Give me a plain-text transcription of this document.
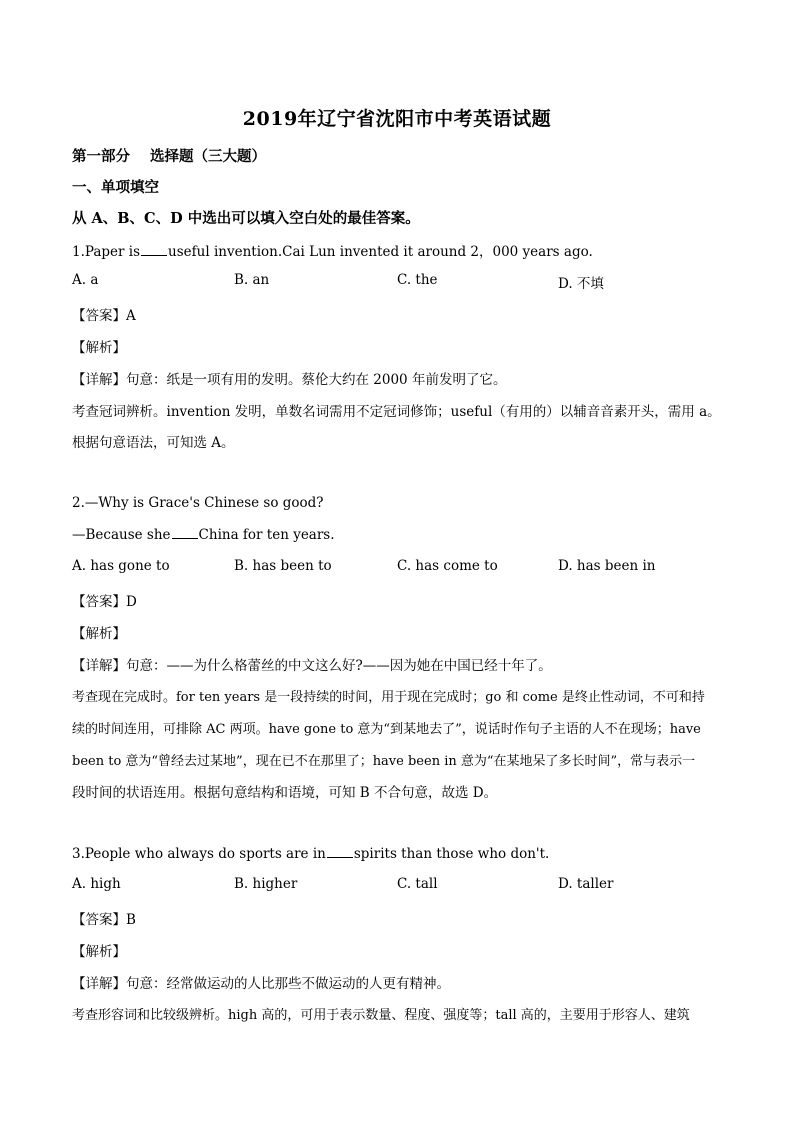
2019年辽宁省沈阳市中考英语试题
第一部分 选择题（三大题）
一、单项填空
从 A、B、C、D 中选出可以填入空白处的最佳答案。
1.Paper is useful invention.Cai Lun invented it around 2，000 years ago.
A. a	B. an	C. the	D. 不填
【答案】A
【解析】
【详解】句意：纸是一项有用的发明。蔡伦大约在 2000 年前发明了它。
考查冠词辨析。invention 发明，单数名词需用不定冠词修饰；useful（有用的）以辅音音素开头，需用 a。
根据句意语法，可知选 A。
2.—Why is Grace's Chinese so good?
—Because she China for ten years.
A. has gone to	B. has been to	C. has come to	D. has been in
【答案】D
【解析】
【详解】句意：——为什么格蕾丝的中文这么好?——因为她在中国已经十年了。
考查现在完成时。for ten years 是一段持续的时间，用于现在完成时；go 和 come 是终止性动词，不可和持
续的时间连用，可排除 AC 两项。have gone to 意为“到某地去了”，说话时作句子主语的人不在现场；have
been to 意为“曾经去过某地”，现在已不在那里了；have been in 意为“在某地呆了多长时间”，常与表示一
段时间的状语连用。根据句意结构和语境，可知 B 不合句意，故选 D。
3.People who always do sports are in spirits than those who don't.
A. high	B. higher	C. tall	D. taller
【答案】B
【解析】
【详解】句意：经常做运动的人比那些不做运动的人更有精神。
考查形容词和比较级辨析。high 高的，可用于表示数量、程度、强度等；tall 高的，主要用于形容人、建筑
